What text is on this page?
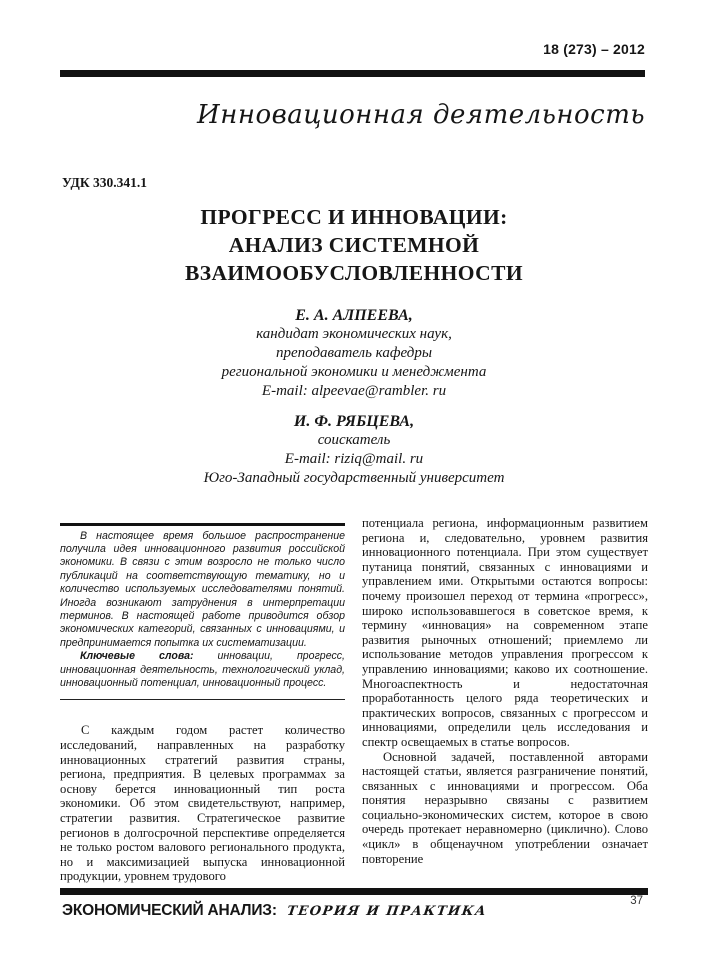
18 (273) – 2012
Инновационная деятельность
УДК 330.341.1
ПРОГРЕСС И ИННОВАЦИИ:
АНАЛИЗ СИСТЕМНОЙ
ВЗАИМООБУСЛОВЛЕННОСТИ
Е. А. АЛПЕЕВА,
кандидат экономических наук,
преподаватель кафедры
региональной экономики и менеджмента
E-mail: alpeevae@rambler. ru
И. Ф. РЯБЦЕВА,
соискатель
E-mail: riziq@mail. ru
Юго-Западный государственный университет

В настоящее время большое распространение получила идея инновационного развития российской экономики. В связи с этим возросло не только число публикаций на соответствующую тематику, но и количество используемых исследователями понятий. Иногда возникают затруднения в интерпретации терминов. В настоящей работе приводится обзор экономических категорий, связанных с инновациями, и предпринимается попытка их систематизации.

Ключевые слова: инновации, прогресс, инновационная деятельность, технологический уклад, инновационный потенциал, инновационный процесс.

С каждым годом растет количество исследований, направленных на разработку инновационных стратегий развития страны, региона, предприятия. В целевых программах за основу берется инновационный тип роста экономики. Об этом свидетельствуют, например, стратегии развития. Стратегическое развитие регионов в долгосрочной перспективе определяется не только ростом валового регионального продукта, но и максимизацией выпуска инновационной продукции, уровнем трудового

потенциала региона, информационным развитием региона и, следовательно, уровнем развития инновационного потенциала. При этом существует путаница понятий, связанных с инновациями и управлением ими. Открытыми остаются вопросы: почему произошел переход от термина «прогресс», широко использовавшегося в советское время, к термину «инновация» на современном этапе развития рыночных отношений; приемлемо ли использование методов управления прогрессом к управлению инновациями; каково их соотношение. Многоаспектность и недостаточная проработанность целого ряда теоретических и практических вопросов, связанных с прогрессом и инновациями, определили цель исследования и спектр освещаемых в статье вопросов.

Основной задачей, поставленной авторами настоящей статьи, является разграничение понятий, связанных с инновациями и прогрессом. Оба понятия неразрывно связаны с развитием социально-экономических систем, которое в свою очередь протекает неравномерно (циклично). Слово «цикл» в общенаучном употреблении означает повторение

ЭКОНОМИЧЕСКИЙ АНАЛИЗ: ТЕОРИЯ И ПРАКТИКА
37
